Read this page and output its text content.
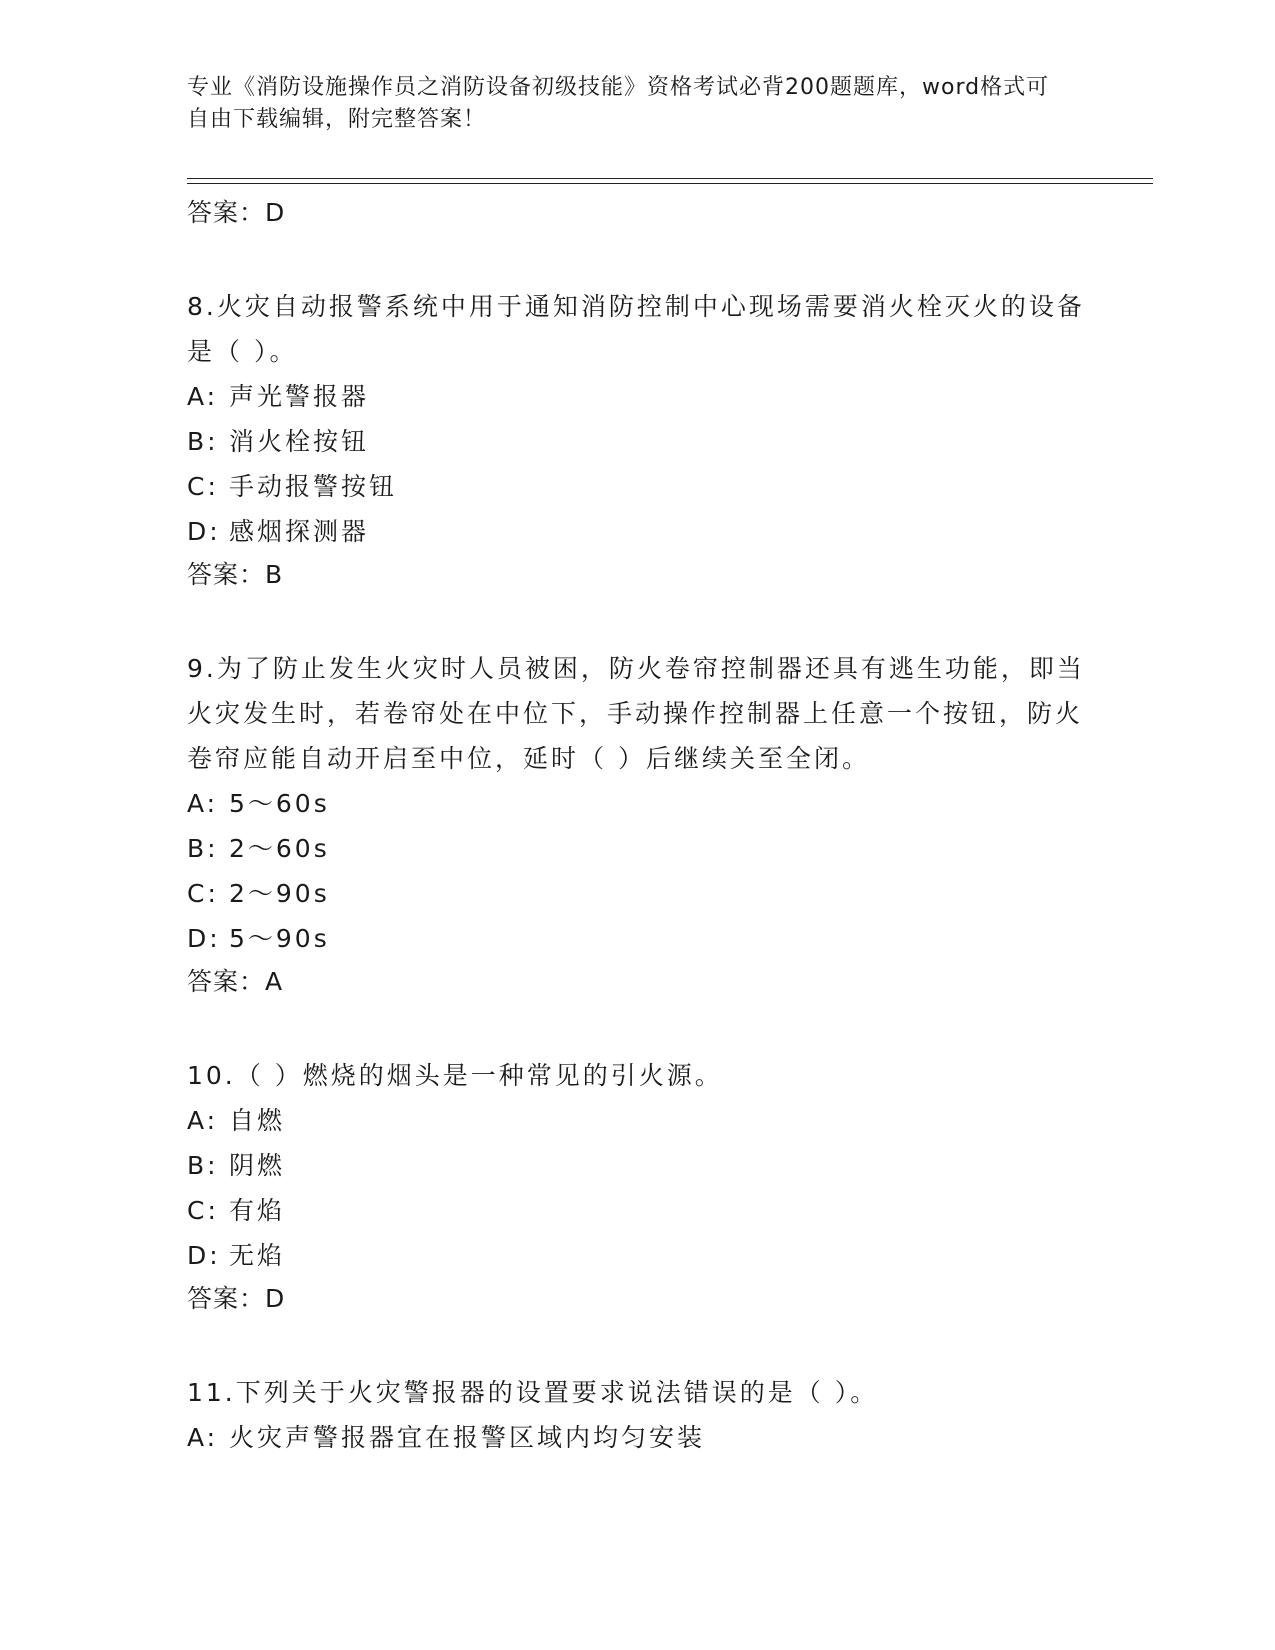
专业《消防设施操作员之消防设备初级技能》资格考试必背200题题库，word格式可自由下载编辑，附完整答案！
答案：D
8.火灾自动报警系统中用于通知消防控制中心现场需要消火栓灭火的设备是（ ）。
A: 声光警报器
B: 消火栓按钮
C: 手动报警按钮
D: 感烟探测器
答案：B
9.为了防止发生火灾时人员被困，防火卷帘控制器还具有逃生功能，即当火灾发生时，若卷帘处在中位下，手动操作控制器上任意一个按钮，防火卷帘应能自动开启至中位，延时（ ）后继续关至全闭。
A: 5～60s
B: 2～60s
C: 2～90s
D: 5～90s
答案：A
10.（ ）燃烧的烟头是一种常见的引火源。
A: 自燃
B: 阴燃
C: 有焰
D: 无焰
答案：D
11.下列关于火灾警报器的设置要求说法错误的是（ ）。
A: 火灾声警报器宜在报警区域内均匀安装
